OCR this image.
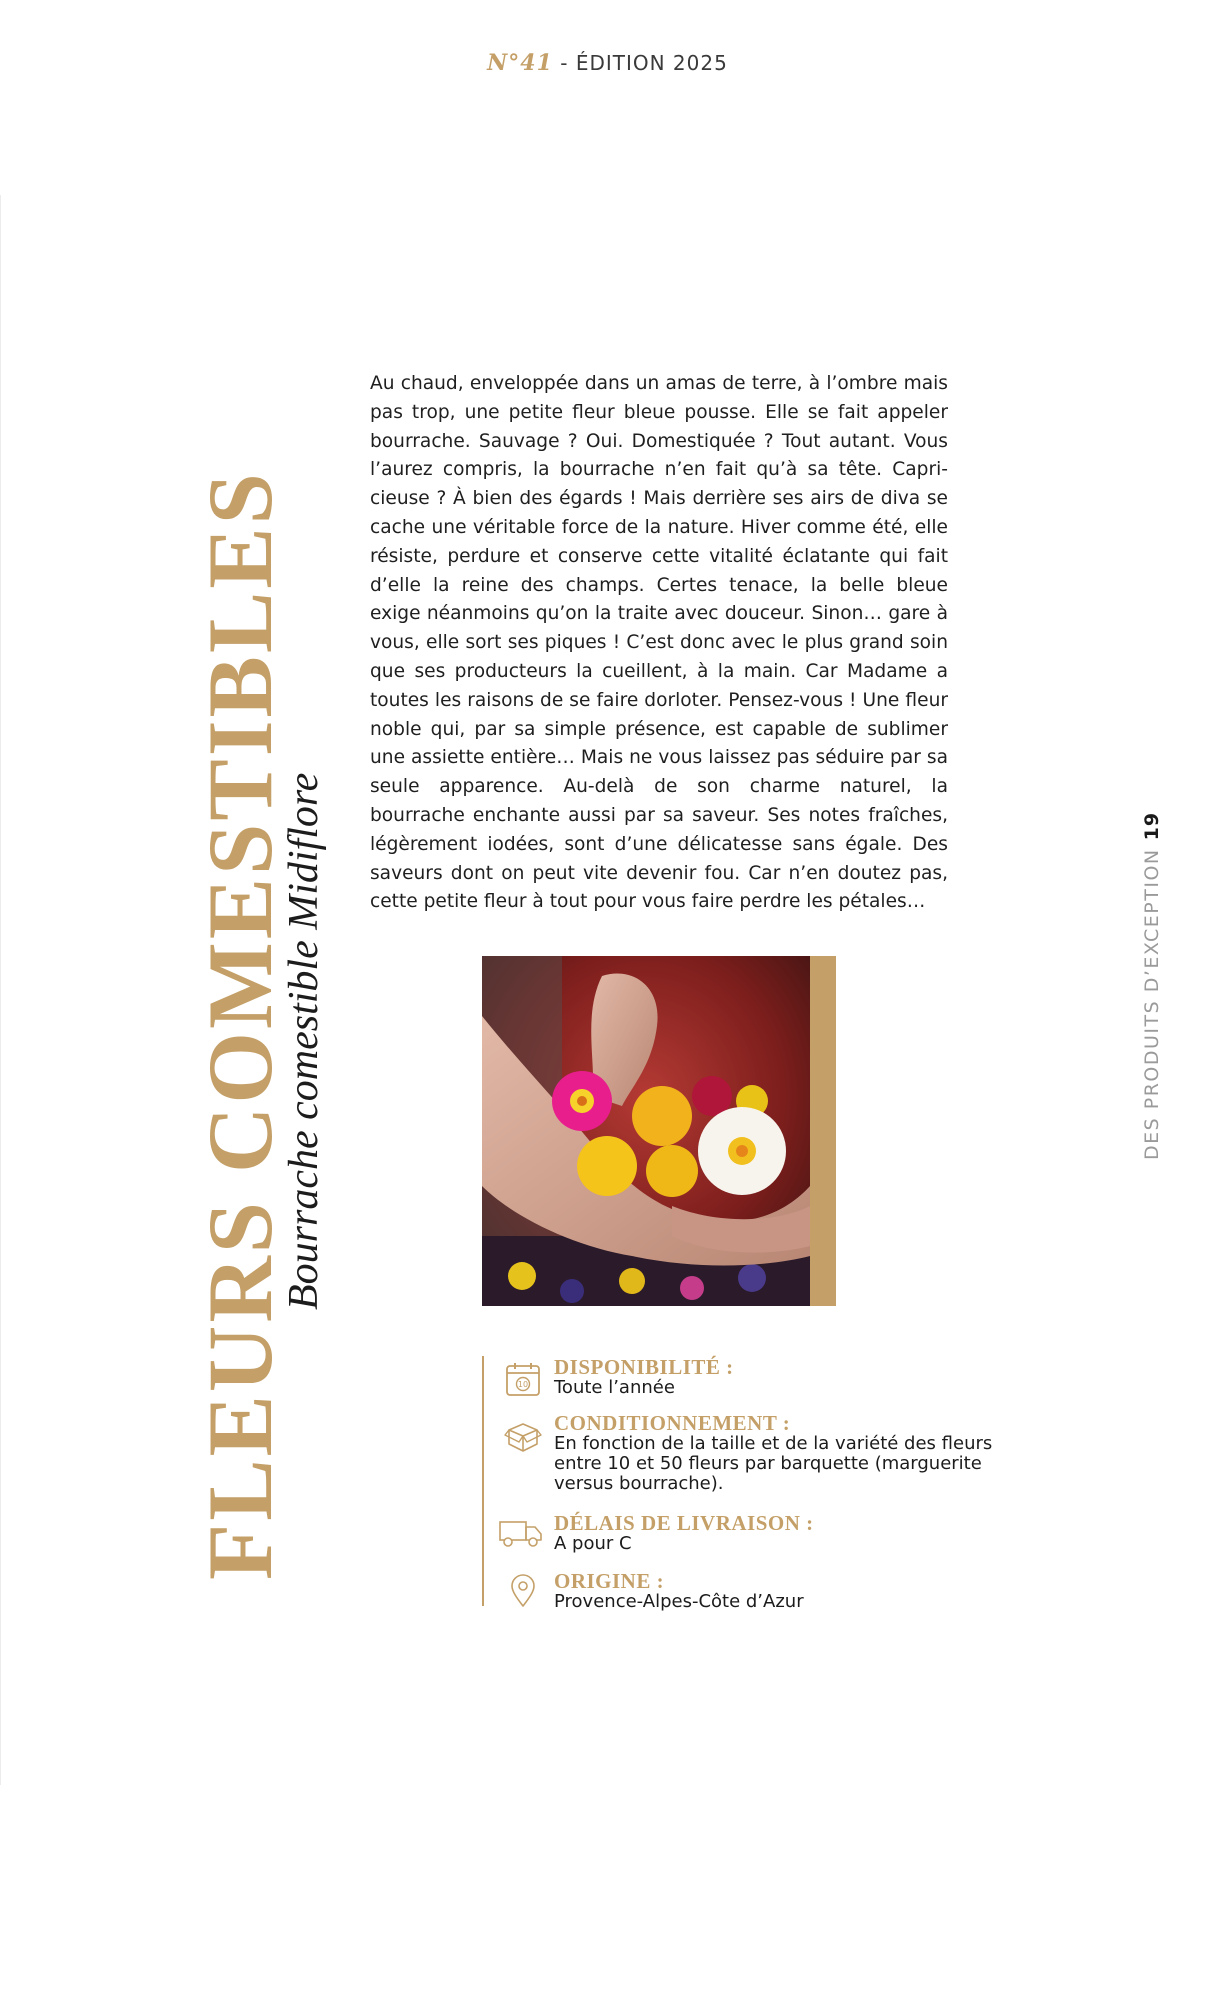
N°41 - ÉDITION 2025
FLEURS COMESTIBLES
Bourrache comestible Midiflore

Au chaud, enveloppée dans un amas de terre, à l’ombre mais pas trop, une petite fleur bleue pousse. Elle se fait appeler bourrache. Sauvage ? Oui. Domestiquée ? Tout autant. Vous l’aurez compris, la bourrache n’en fait qu’à sa tête. Capricieuse ? À bien des égards ! Mais derrière ses airs de diva se cache une véritable force de la nature. Hiver comme été, elle résiste, perdure et conserve cette vitalité éclatante qui fait d’elle la reine des champs. Certes tenace, la belle bleue exige néanmoins qu’on la traite avec douceur. Sinon… gare à vous, elle sort ses piques ! C’est donc avec le plus grand soin que ses producteurs la cueillent, à la main. Car Madame a toutes les raisons de se faire dorloter. Pensez-vous ! Une fleur noble qui, par sa simple présence, est capable de sublimer une assiette entière… Mais ne vous laissez pas séduire par sa seule apparence. Au-delà de son charme naturel, la bourrache enchante aussi par sa saveur. Ses notes fraîches, légèrement iodées, sont d’une délicatesse sans égale. Des saveurs dont on peut vite devenir fou. Car n’en doutez pas, cette petite fleur à tout pour vous faire perdre les pétales…

10
DISPONIBILITÉ :
Toute l’année
CONDITIONNEMENT :
En fonction de la taille et de la variété des fleurs entre 10 et 50 fleurs par barquette (marguerite versus bourrache).
DÉLAIS DE LIVRAISON :
A pour C
ORIGINE :
Provence-Alpes-Côte d’Azur
DES PRODUITS D’EXCEPTION19
